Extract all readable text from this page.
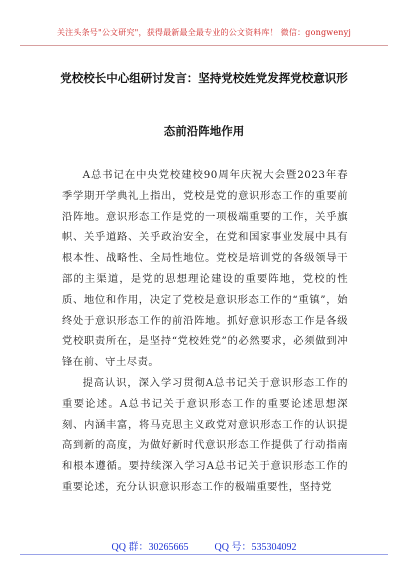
关注头条号"公文研究"，获得最新最全最专业的公文资料库！ 微信：gongwenyj
党校校长中心组研讨发言：坚持党校姓党发挥党校意识形
态前沿阵地作用

A总书记在中央党校建校90周年庆祝大会暨2023年春季学期开学典礼上指出，党校是党的意识形态工作的重要前沿阵地。意识形态工作是党的一项极端重要的工作，关乎旗帜、关乎道路、关乎政治安全，在党和国家事业发展中具有根本性、战略性、全局性地位。党校是培训党的各级领导干部的主渠道，是党的思想理论建设的重要阵地，党校的性质、地位和作用，决定了党校是意识形态工作的“重镇”，始终处于意识形态工作的前沿阵地。抓好意识形态工作是各级党校职责所在，是坚持“党校姓党”的必然要求，必须做到冲锋在前、守土尽责。

提高认识，深入学习贯彻A总书记关于意识形态工作的重要论述。A总书记关于意识形态工作的重要论述思想深刻、内涵丰富，将马克思主义政党对意识形态工作的认识提高到新的高度，为做好新时代意识形态工作提供了行动指南和根本遵循。要持续深入学习A总书记关于意识形态工作的重要论述，充分认识意识形态工作的极端重要性，坚持党

QQ 群：30265665	QQ 号：535304092
